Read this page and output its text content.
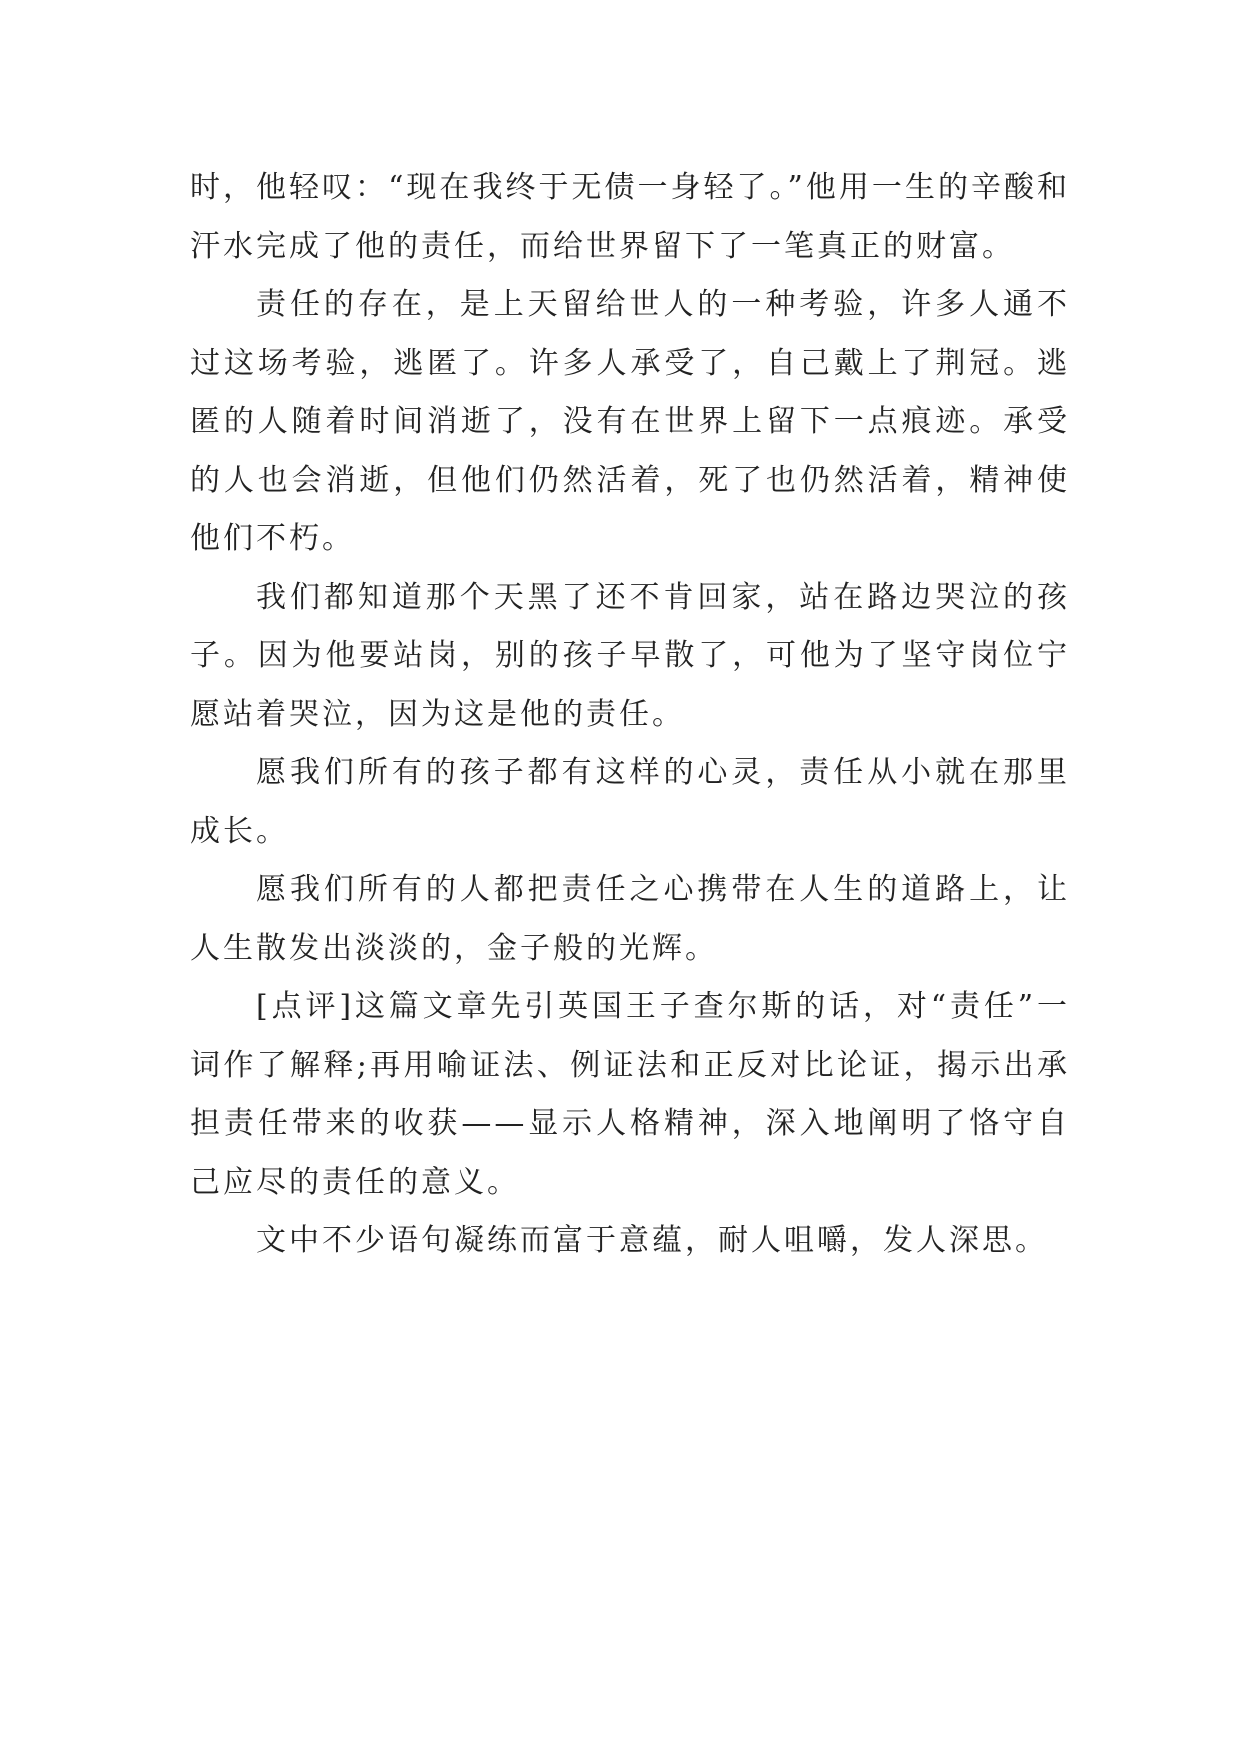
时，他轻叹：“现在我终于无债一身轻了。”他用一生的辛酸和汗水完成了他的责任，而给世界留下了一笔真正的财富。

责任的存在，是上天留给世人的一种考验，许多人通不过这场考验，逃匿了。许多人承受了，自己戴上了荆冠。逃匿的人随着时间消逝了，没有在世界上留下一点痕迹。承受的人也会消逝，但他们仍然活着，死了也仍然活着，精神使他们不朽。

我们都知道那个天黑了还不肯回家，站在路边哭泣的孩子。因为他要站岗，别的孩子早散了，可他为了坚守岗位宁愿站着哭泣，因为这是他的责任。

愿我们所有的孩子都有这样的心灵，责任从小就在那里成长。

愿我们所有的人都把责任之心携带在人生的道路上，让人生散发出淡淡的，金子般的光辉。

[点评]这篇文章先引英国王子查尔斯的话，对“责任”一词作了解释;再用喻证法、例证法和正反对比论证，揭示出承担责任带来的收获——显示人格精神，深入地阐明了恪守自己应尽的责任的意义。

文中不少语句凝练而富于意蕴，耐人咀嚼，发人深思。
